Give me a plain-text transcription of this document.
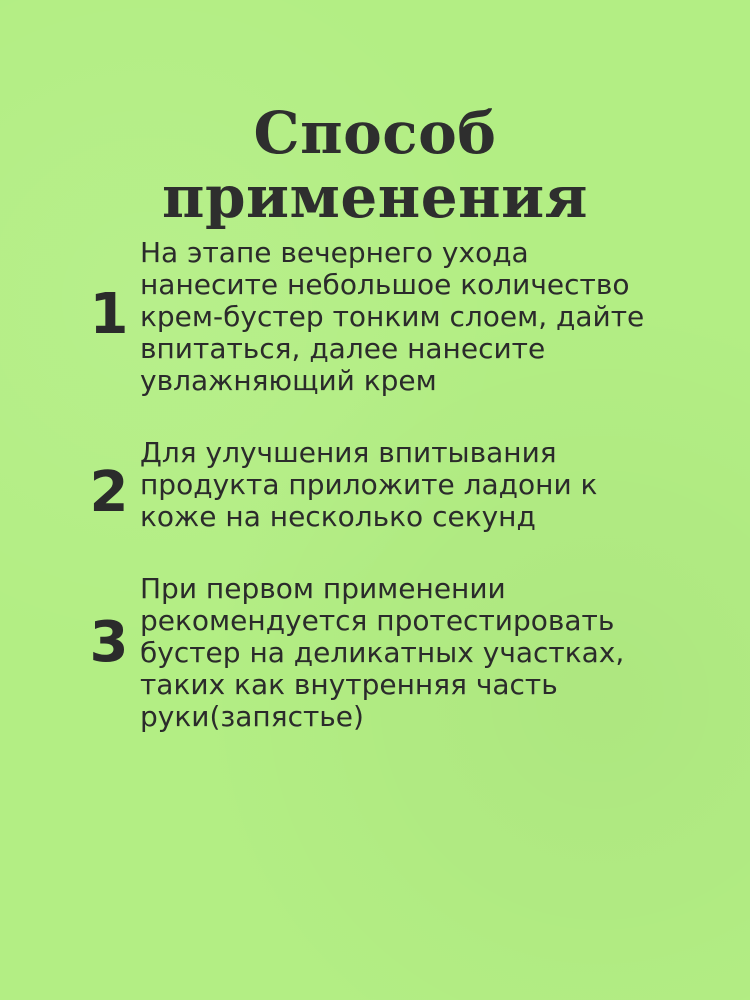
Способ
применения
1
На этапе вечернего ухода
нанесите небольшое количество
крем-бустер тонким слоем, дайте
впитаться, далее нанесите
увлажняющий крем
2
Для улучшения впитывания
продукта приложите ладони к
коже на несколько секунд
3
При первом применении
рекомендуется протестировать
бустер на деликатных участках,
таких как внутренняя часть
руки(запястье)
